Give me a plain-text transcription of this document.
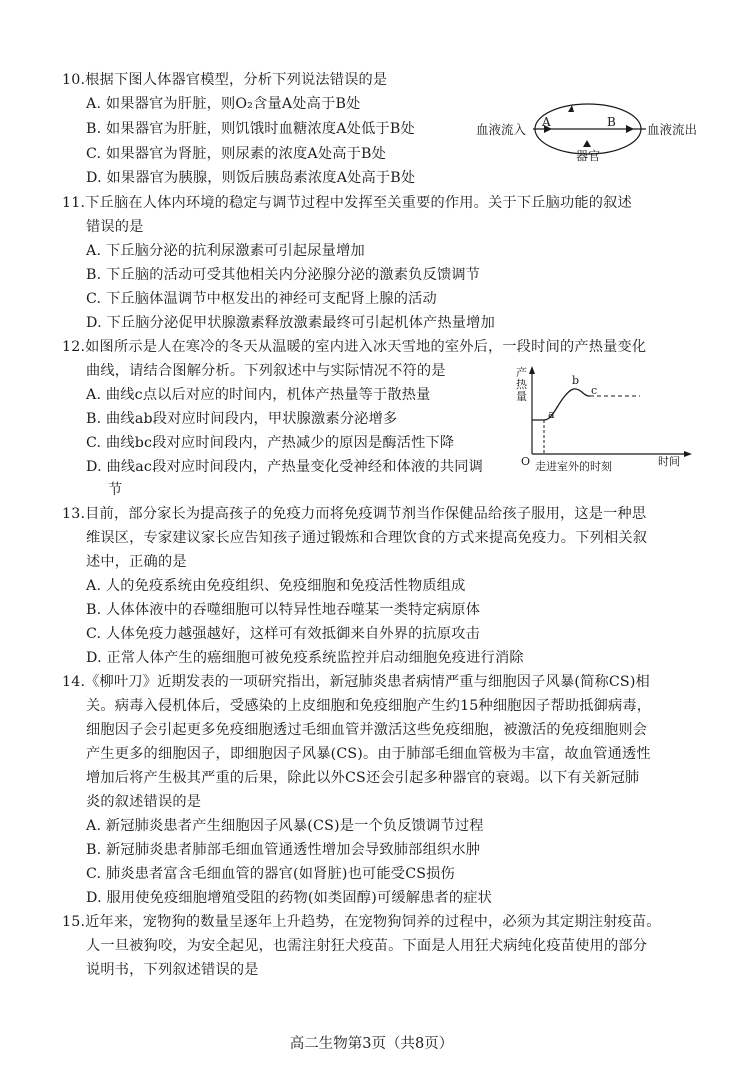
10.根据下图人体器官模型，分析下列说法错误的是
A. 如果器官为肝脏，则O₂含量A处高于B处
B. 如果器官为肝脏，则饥饿时血糖浓度A处低于B处
C. 如果器官为肾脏，则尿素的浓度A处高于B处
D. 如果器官为胰腺，则饭后胰岛素浓度A处高于B处
血液流入 A	B 血液流出
器官
11.下丘脑在人体内环境的稳定与调节过程中发挥至关重要的作用。关于下丘脑功能的叙述
错误的是
A. 下丘脑分泌的抗利尿激素可引起尿量增加
B. 下丘脑的活动可受其他相关内分泌腺分泌的激素负反馈调节
C. 下丘脑体温调节中枢发出的神经可支配肾上腺的活动
D. 下丘脑分泌促甲状腺激素释放激素最终可引起机体产热量增加
12.如图所示是人在寒冷的冬天从温暖的室内进入冰天雪地的室外后，一段时间的产热量变化
曲线，请结合图解分析。下列叙述中与实际情况不符的是
A. 曲线c点以后对应的时间内，机体产热量等于散热量
B. 曲线ab段对应时间段内，甲状腺激素分泌增多
C. 曲线bc段对应时间段内，产热减少的原因是酶活性下降
D. 曲线ac段对应时间段内，产热量变化受神经和体液的共同调
节
产
热
量
a
b
c
O 走进室外的时刻	时间
13.目前，部分家长为提高孩子的免疫力而将免疫调节剂当作保健品给孩子服用，这是一种思
维误区，专家建议家长应告知孩子通过锻炼和合理饮食的方式来提高免疫力。下列相关叙
述中，正确的是
A. 人的免疫系统由免疫组织、免疫细胞和免疫活性物质组成
B. 人体体液中的吞噬细胞可以特异性地吞噬某一类特定病原体
C. 人体免疫力越强越好，这样可有效抵御来自外界的抗原攻击
D. 正常人体产生的癌细胞可被免疫系统监控并启动细胞免疫进行消除
14.《柳叶刀》近期发表的一项研究指出，新冠肺炎患者病情严重与细胞因子风暴(简称CS)相
关。病毒入侵机体后，受感染的上皮细胞和免疫细胞产生约15种细胞因子帮助抵御病毒，
细胞因子会引起更多免疫细胞透过毛细血管并激活这些免疫细胞，被激活的免疫细胞则会
产生更多的细胞因子，即细胞因子风暴(CS)。由于肺部毛细血管极为丰富，故血管通透性
增加后将产生极其严重的后果，除此以外CS还会引起多种器官的衰竭。以下有关新冠肺
炎的叙述错误的是
A. 新冠肺炎患者产生细胞因子风暴(CS)是一个负反馈调节过程
B. 新冠肺炎患者肺部毛细血管通透性增加会导致肺部组织水肿
C. 肺炎患者富含毛细血管的器官(如肾脏)也可能受CS损伤
D. 服用使免疫细胞增殖受阻的药物(如类固醇)可缓解患者的症状
15.近年来，宠物狗的数量呈逐年上升趋势，在宠物狗饲养的过程中，必须为其定期注射疫苗。
人一旦被狗咬，为安全起见，也需注射狂犬疫苗。下面是人用狂犬病纯化疫苗使用的部分
说明书，下列叙述错误的是
高二生物第3页（共8页）
